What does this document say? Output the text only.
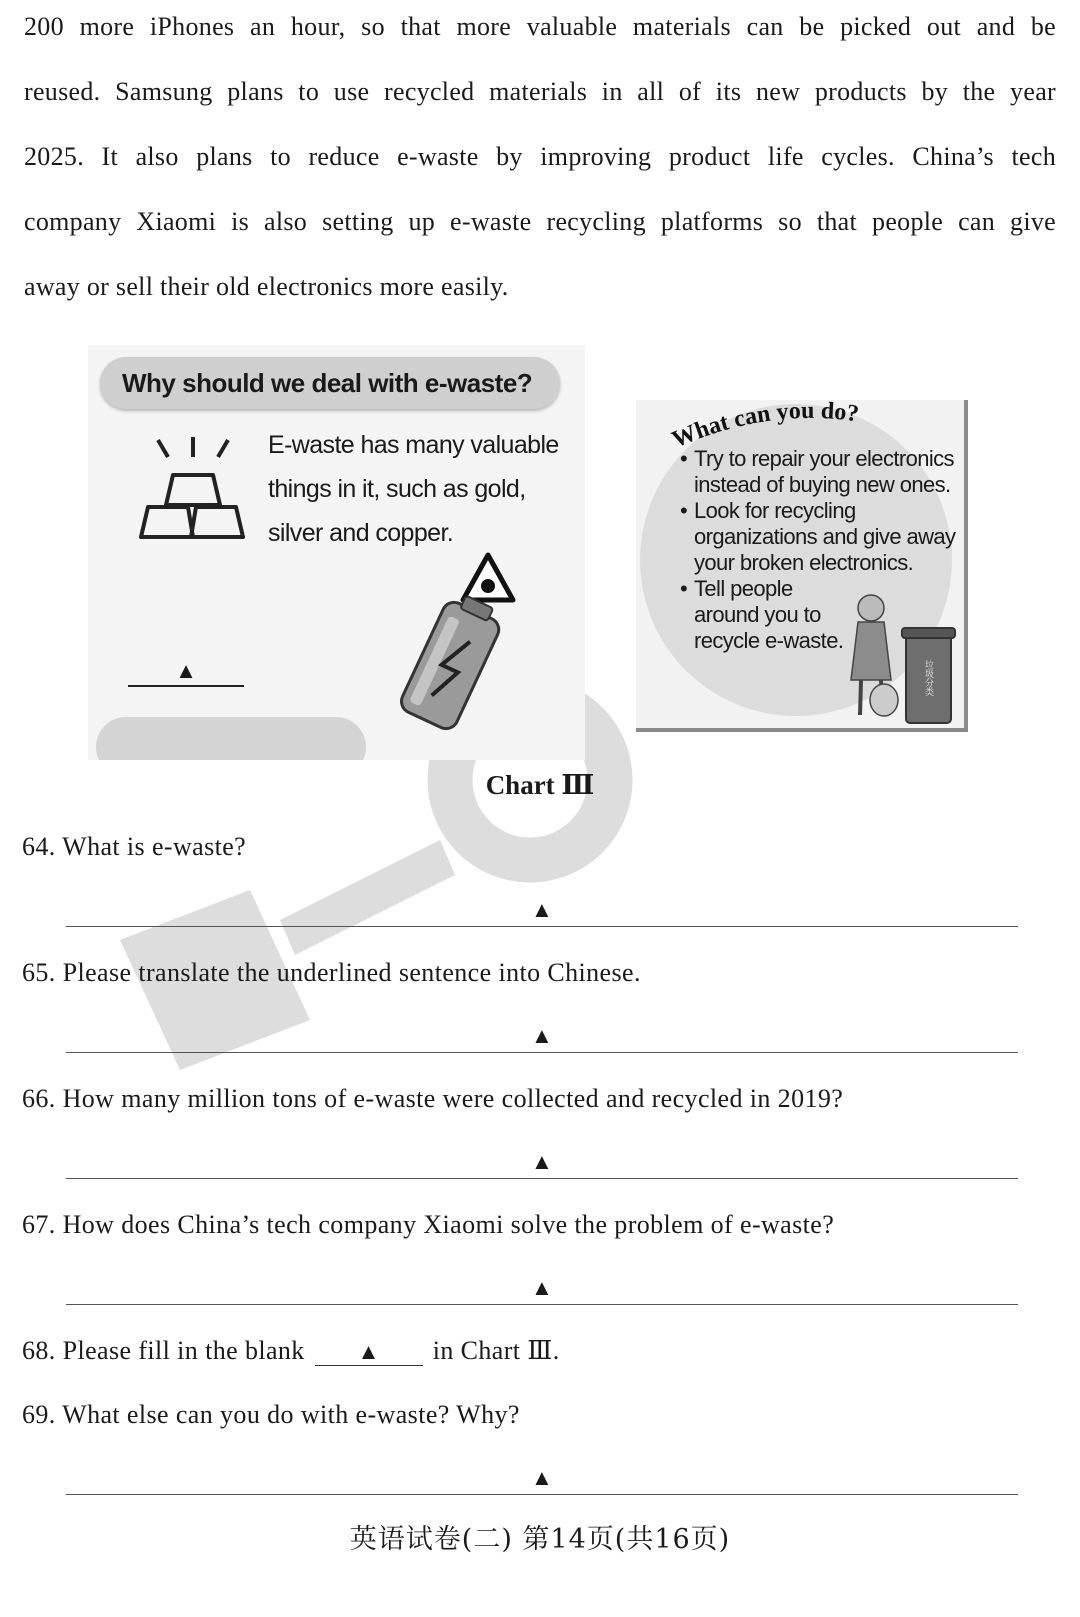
200 more iPhones an hour, so that more valuable materials can be picked out and be
reused. Samsung plans to use recycled materials in all of its new products by the year
2025. It also plans to reduce e-waste by improving product life cycles. China’s tech
company Xiaomi is also setting up e-waste recycling platforms so that people can give
away or sell their old electronics more easily.
Why should we deal with e-waste?
E-waste has many valuable things in it, such as gold, silver and copper.
▲
What can you do?
• Try to repair your electronics instead of buying new ones.
• Look for recycling organizations and give away your broken electronics.
• Tell people around you to recycle e-waste.
垃圾分类
Chart Ⅲ
64. What is e-waste?
▲
65. Please translate the underlined sentence into Chinese.
▲
66. How many million tons of e-waste were collected and recycled in 2019?
▲
67. How does China’s tech company Xiaomi solve the problem of e-waste?
▲
68. Please fill in the blank ▲ in Chart Ⅲ.
69. What else can you do with e-waste? Why?
▲
英语试卷(二) 第14页(共16页)
